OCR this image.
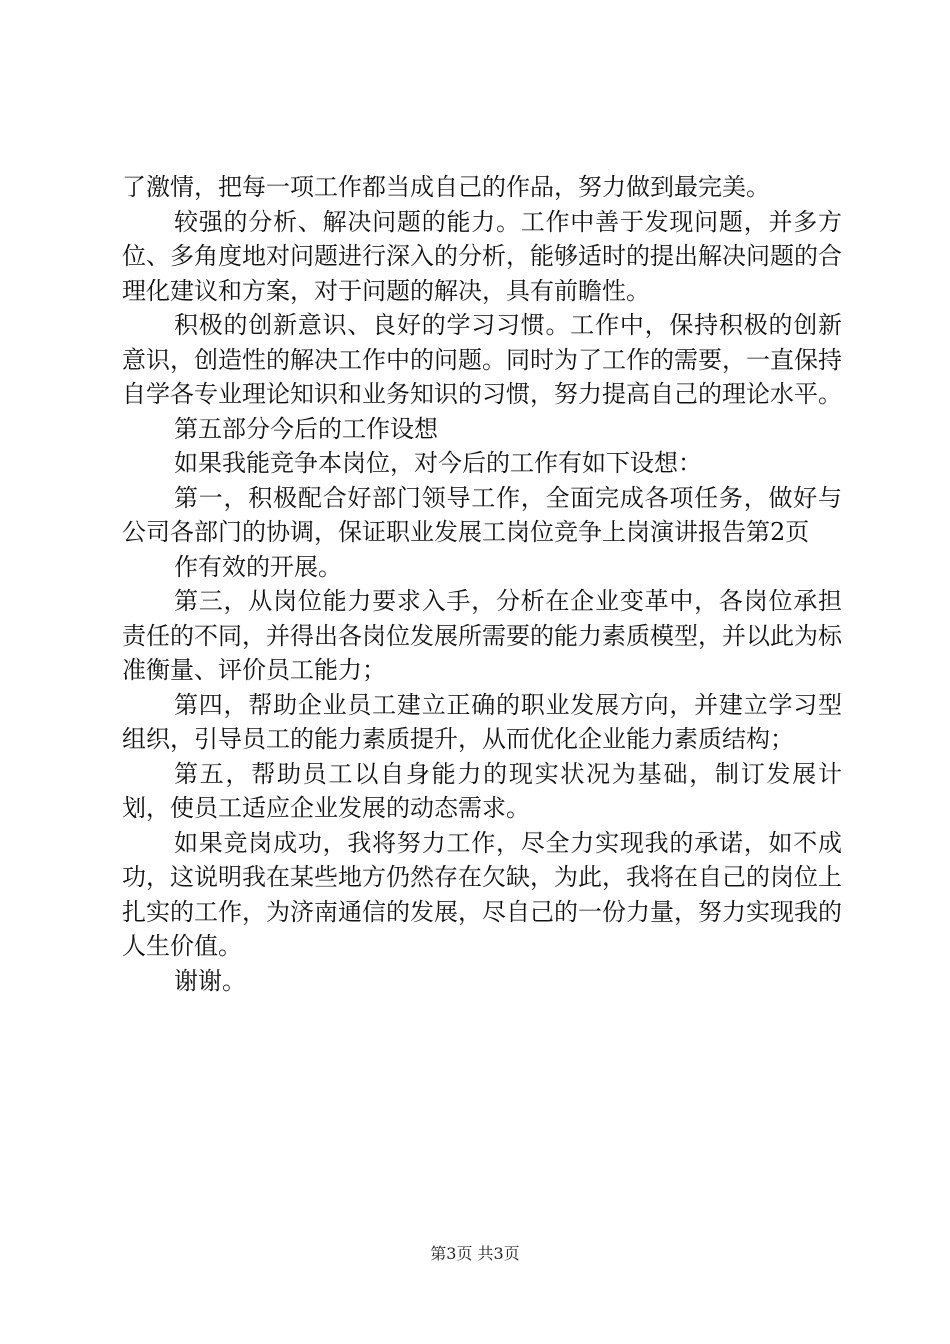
了激情，把每一项工作都当成自己的作品，努力做到最完美。

较强的分析、解决问题的能力。工作中善于发现问题，并多方位、多角度地对问题进行深入的分析，能够适时的提出解决问题的合理化建议和方案，对于问题的解决，具有前瞻性。

积极的创新意识、良好的学习习惯。工作中，保持积极的创新意识，创造性的解决工作中的问题。同时为了工作的需要，一直保持自学各专业理论知识和业务知识的习惯，努力提高自己的理论水平。

第五部分今后的工作设想

如果我能竞争本岗位，对今后的工作有如下设想：

第一，积极配合好部门领导工作，全面完成各项任务，做好与公司各部门的协调，保证职业发展工岗位竞争上岗演讲报告第2页

作有效的开展。

第三，从岗位能力要求入手，分析在企业变革中，各岗位承担责任的不同，并得出各岗位发展所需要的能力素质模型，并以此为标准衡量、评价员工能力；

第四，帮助企业员工建立正确的职业发展方向，并建立学习型组织，引导员工的能力素质提升，从而优化企业能力素质结构；

第五，帮助员工以自身能力的现实状况为基础，制订发展计划，使员工适应企业发展的动态需求。

如果竞岗成功，我将努力工作，尽全力实现我的承诺，如不成功，这说明我在某些地方仍然存在欠缺，为此，我将在自己的岗位上扎实的工作，为济南通信的发展，尽自己的一份力量，努力实现我的人生价值。

谢谢。

第3页 共3页
